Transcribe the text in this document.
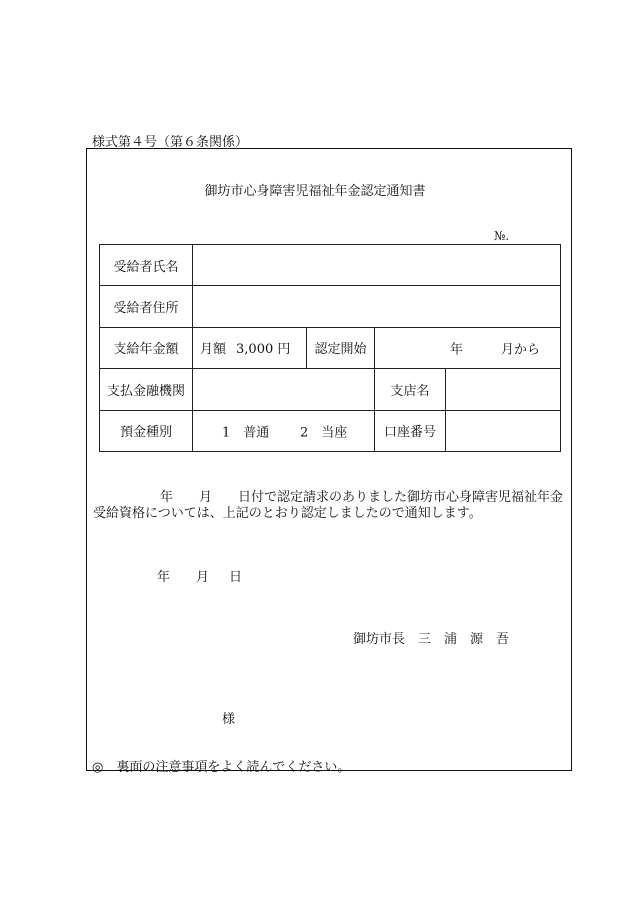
様式第４号（第６条関係）
御坊市心身障害児福祉年金認定通知書
№.
受給者氏名				
受給者住所				
支給年金額	月額 3,000 円	認定開始	年 月から	

支払金融機関			支店名	
預金種別	1　普通 2　当座		口座番号	
年 月 日付で認定請求のありました御坊市心身障害児福祉年金
受給資格については、上記のとおり認定しましたので通知します。
年 月 日
御坊市長　三　浦　源　吾
様
◎　裏面の注意事項をよく読んでください。
